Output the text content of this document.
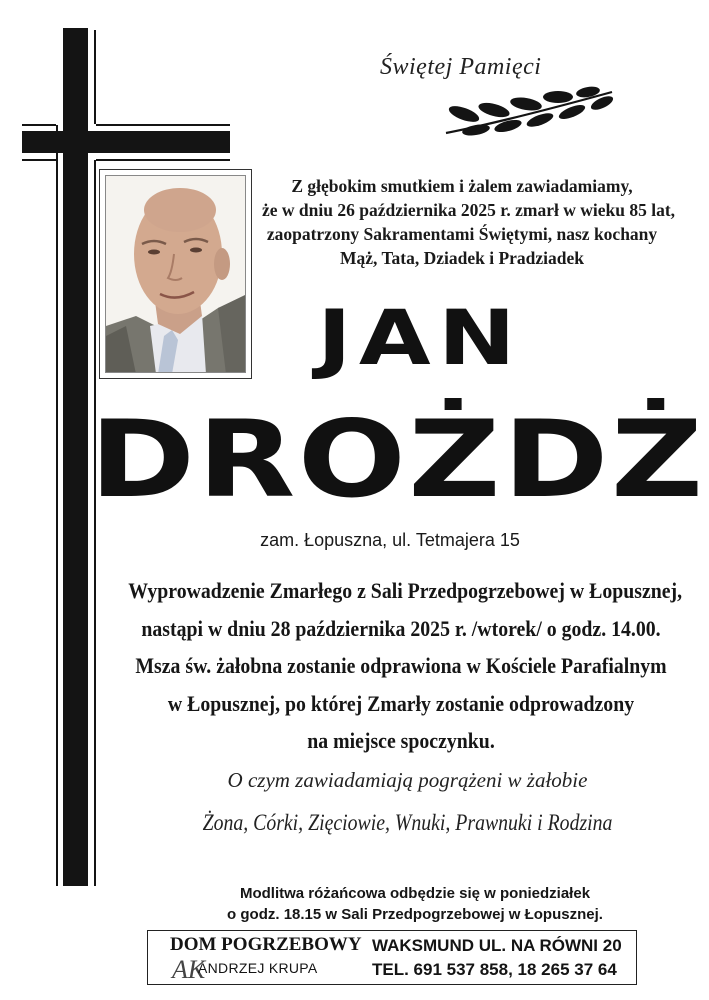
Świętej Pamięci
Z głębokim smutkiem i żalem zawiadamiamy,
że w dniu 26 października 2025 r. zmarł w wieku 85 lat,
zaopatrzony Sakramentami Świętymi, nasz kochany
Mąż, Tata, Dziadek i Pradziadek
JAN
DROŻDŻ
zam. Łopuszna, ul. Tetmajera 15
Wyprowadzenie Zmarłego z Sali Przedpogrzebowej w Łopusznej,
nastąpi w dniu 28 października 2025 r. /wtorek/ o godz. 14.00.
Msza św. żałobna zostanie odprawiona w Kościele Parafialnym
w Łopusznej, po której Zmarły zostanie odprowadzony
na miejsce spoczynku.
O czym zawiadamiają pogrążeni w żałobie
Żona, Córki, Zięciowie, Wnuki, Prawnuki i Rodzina
Modlitwa różańcowa odbędzie się w poniedziałek
o godz. 18.15 w Sali Przedpogrzebowej w Łopusznej.
DOM POGRZEBOWY
AK
ANDRZEJ KRUPA
WAKSMUND UL. NA RÓWNI 20
TEL. 691 537 858, 18 265 37 64
